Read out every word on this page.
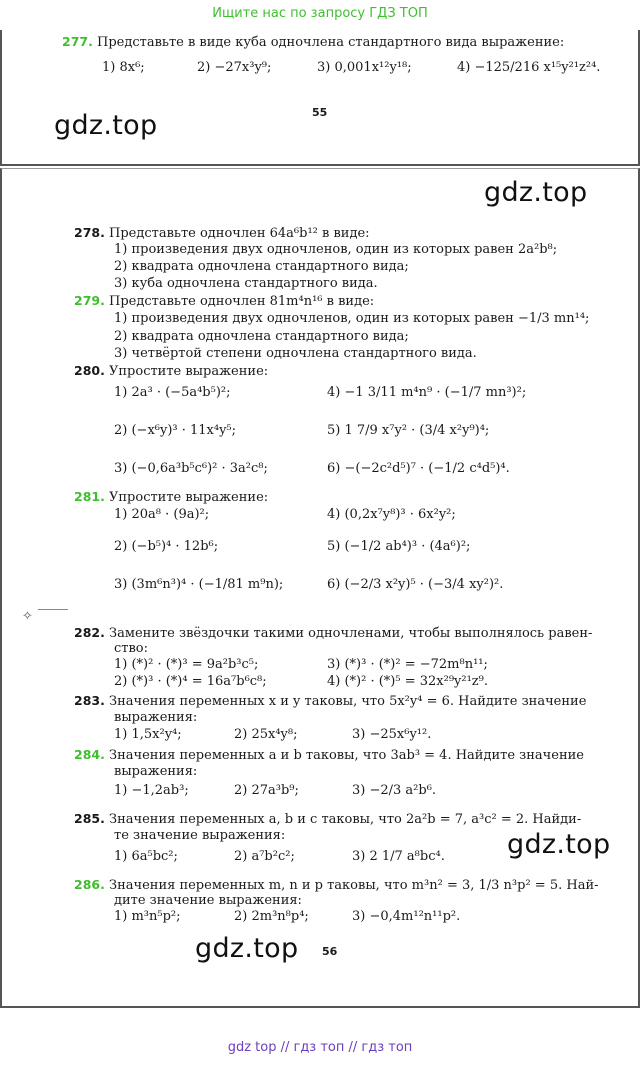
Ищите нас по запросу ГДЗ ТОП
277. Представьте в виде куба одночлена стандартного вида выражение:
1) 8x⁶;	2) −27x³y⁹;	3) 0,001x¹²y¹⁸;	4) −125/216 x¹⁵y²¹z²⁴.
55
gdz.top
gdz.top
278. Представьте одночлен 64a⁶b¹² в виде:
1) произведения двух одночленов, один из которых равен 2a²b⁸;
2) квадрата одночлена стандартного вида;
3) куба одночлена стандартного вида.
279. Представьте одночлен 81m⁴n¹⁶ в виде:
1) произведения двух одночленов, один из которых равен −1/3 mn¹⁴;
2) квадрата одночлена стандартного вида;
3) четвёртой степени одночлена стандартного вида.
280. Упростите выражение:
1) 2a³ · (−5a⁴b⁵)²;	4) −1 3/11 m⁴n⁹ · (−1/7 mn³)²;
2) (−x⁶y)³ · 11x⁴y⁵;	5) 1 7/9 x⁷y² · (3/4 x²y⁹)⁴;
3) (−0,6a³b⁵c⁶)² · 3a²c⁸;	6) −(−2c²d⁵)⁷ · (−1/2 c⁴d⁵)⁴.
281. Упростите выражение:
1) 20a⁸ · (9a)²;	4) (0,2x⁷y⁸)³ · 6x²y²;
2) (−b⁵)⁴ · 12b⁶;	5) (−1/2 ab⁴)³ · (4a⁶)²;
3) (3m⁶n³)⁴ · (−1/81 m⁹n);	6) (−2/3 x²y)⁵ · (−3/4 xy²)².
✧
282. Замените звёздочки такими одночленами, чтобы выполнялось равен-
ство:
1) (*)² · (*)³ = 9a²b³c⁵;	3) (*)³ · (*)² = −72m⁸n¹¹;
2) (*)³ · (*)⁴ = 16a⁷b⁶c⁸;	4) (*)² · (*)⁵ = 32x²⁹y²¹z⁹.
283. Значения переменных x и y таковы, что 5x²y⁴ = 6. Найдите значение
выражения:
1) 1,5x²y⁴;	2) 25x⁴y⁸;	3) −25x⁶y¹².
284. Значения переменных a и b таковы, что 3ab³ = 4. Найдите значение
выражения:
1) −1,2ab³;	2) 27a³b⁹;	3) −2/3 a²b⁶.
285. Значения переменных a, b и c таковы, что 2a²b = 7, a³c² = 2. Найди-
те значение выражения:	gdz.top
1) 6a⁵bc²;	2) a⁷b²c²;	3) 2 1/7 a⁸bc⁴.
286. Значения переменных m, n и p таковы, что m³n² = 3, 1/3 n³p² = 5. Най-
дите значение выражения:
1) m³n⁵p²;	2) 2m³n⁸p⁴;	3) −0,4m¹²n¹¹p².
gdz.top 56
gdz top // гдз топ // гдз топ
